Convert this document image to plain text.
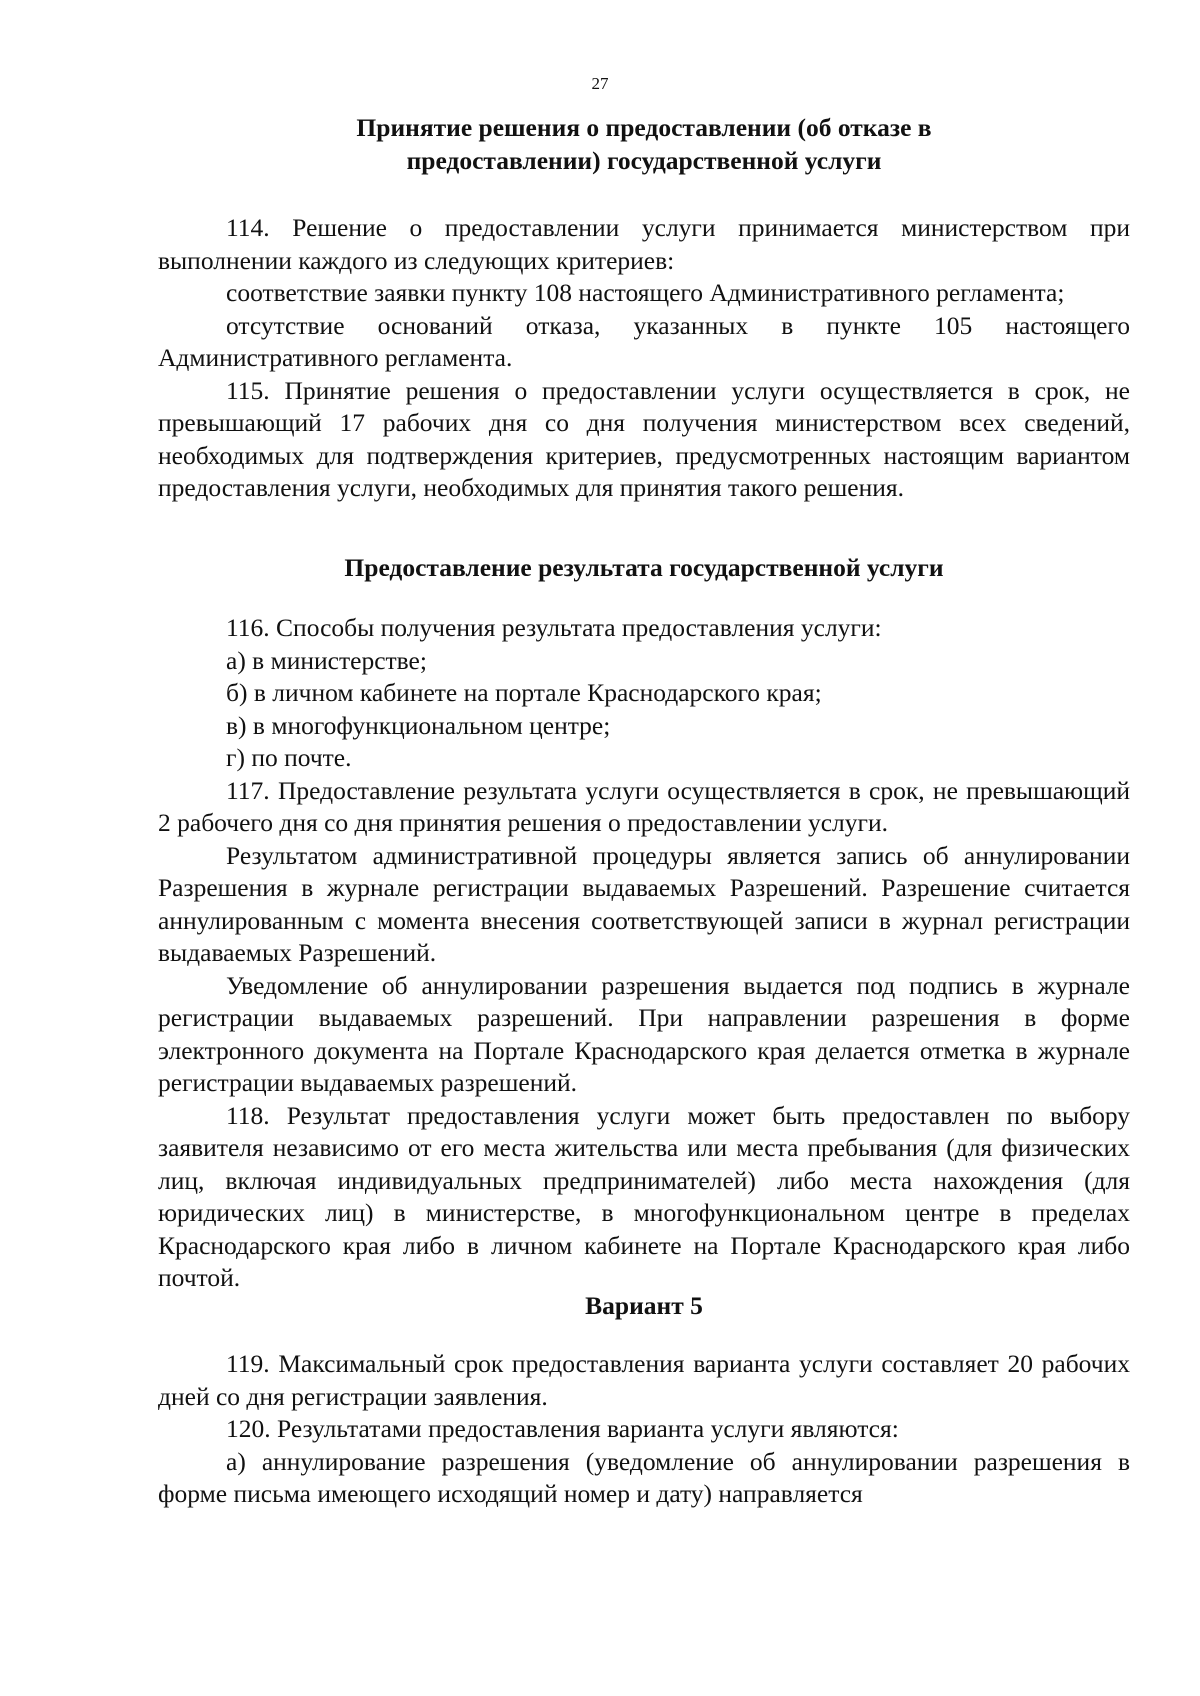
27

Принятие решения о предоставлении (об отказе в

предоставлении) государственной услуги

114. Решение о предоставлении услуги принимается министерством при выполнении каждого из следующих критериев:

соответствие заявки пункту 108 настоящего Административного регламента;

отсутствие оснований отказа, указанных в пункте 105 настоящего Административного регламента.

115. Принятие решения о предоставлении услуги осуществляется в срок, не превышающий 17 рабочих дня со дня получения министерством всех сведений, необходимых для подтверждения критериев, предусмотренных настоящим вариантом предоставления услуги, необходимых для принятия такого решения.

Предоставление результата государственной услуги

116. Способы получения результата предоставления услуги:

а) в министерстве;

б) в личном кабинете на портале Краснодарского края;

в) в многофункциональном центре;

г) по почте.

117. Предоставление результата услуги осуществляется в срок, не превышающий 2 рабочего дня со дня принятия решения о предоставлении услуги.

Результатом административной процедуры является запись об аннулировании Разрешения в журнале регистрации выдаваемых Разрешений. Разрешение считается аннулированным с момента внесения соответствующей записи в журнал регистрации выдаваемых Разрешений.

Уведомление об аннулировании разрешения выдается под подпись в журнале регистрации выдаваемых разрешений. При направлении разрешения в форме электронного документа на Портале Краснодарского края делается отметка в журнале регистрации выдаваемых разрешений.

118. Результат предоставления услуги может быть предоставлен по выбору заявителя независимо от его места жительства или места пребывания (для физических лиц, включая индивидуальных предпринимателей) либо места нахождения (для юридических лиц) в министерстве, в многофункциональном центре в пределах Краснодарского края либо в личном кабинете на Портале Краснодарского края либо почтой.

Вариант 5

119. Максимальный срок предоставления варианта услуги составляет 20 рабочих дней со дня регистрации заявления.

120. Результатами предоставления варианта услуги являются:

а) аннулирование разрешения (уведомление об аннулировании разрешения в форме письма имеющего исходящий номер и дату) направляется
